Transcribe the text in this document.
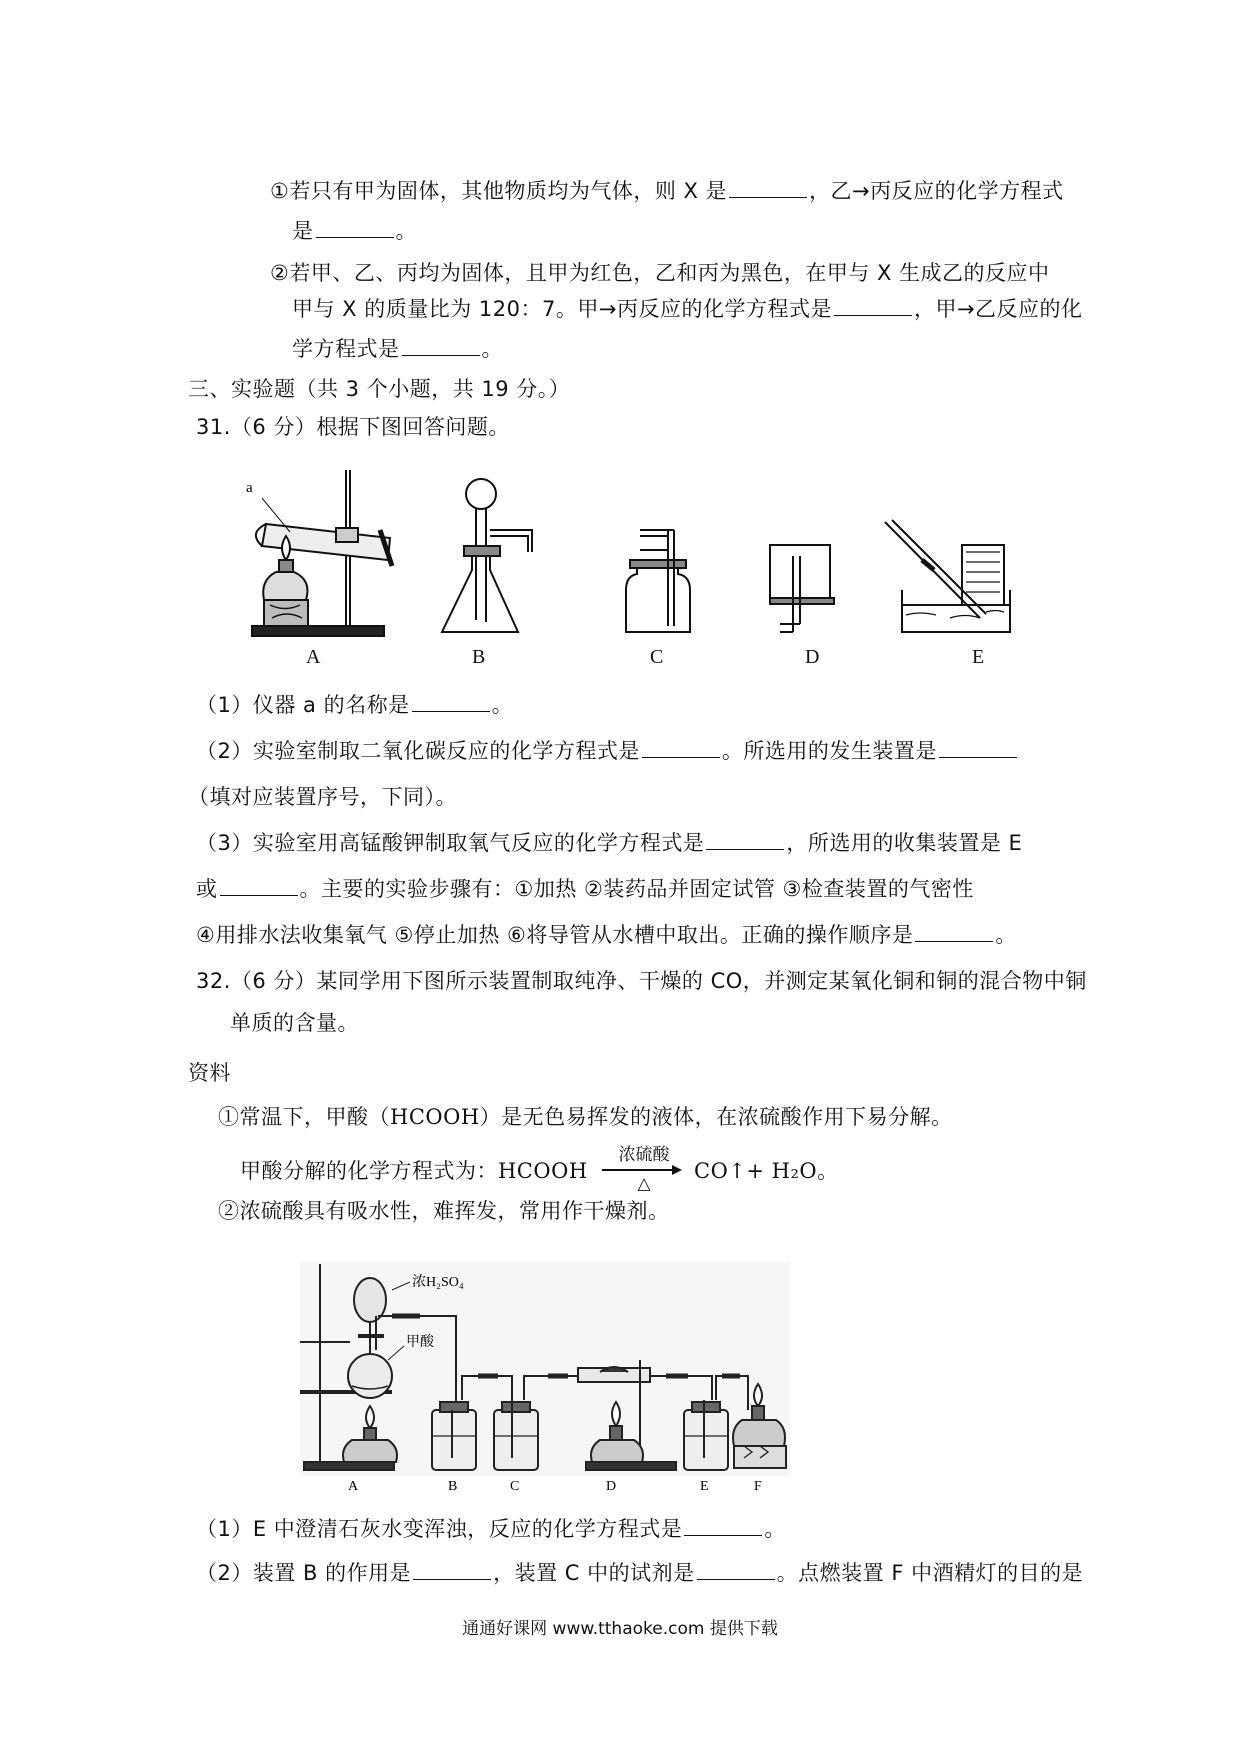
①若只有甲为固体，其他物质均为气体，则 X 是	，乙→丙反应的化学方程式
是	。
②若甲、乙、丙均为固体，且甲为红色，乙和丙为黑色，在甲与 X 生成乙的反应中
甲与 X 的质量比为 120：7。甲→丙反应的化学方程式是	，甲→乙反应的化
学方程式是	。
三、实验题（共 3 个小题，共 19 分。）
31.（6 分）根据下图回答问题。
a
A	B	C	D	E
（1）仪器 a 的名称是	。
（2）实验室制取二氧化碳反应的化学方程式是	。所选用的发生装置是
（填对应装置序号，下同）。
（3）实验室用高锰酸钾制取氧气反应的化学方程式是	，所选用的收集装置是 E
或	。主要的实验步骤有：①加热 ②装药品并固定试管 ③检查装置的气密性
④用排水法收集氧气 ⑤停止加热 ⑥将导管从水槽中取出。正确的操作顺序是	。
32.（6 分）某同学用下图所示装置制取纯净、干燥的 CO，并测定某氧化铜和铜的混合物中铜
单质的含量。
资料
①常温下，甲酸（HCOOH）是无色易挥发的液体，在浓硫酸作用下易分解。
甲酸分解的化学方程式为：HCOOH
浓硫酸
△
CO↑+ H₂O。
②浓硫酸具有吸水性，难挥发，常用作干燥剂。
浓H₂SO₄
甲酸
A	B	C	D	E	F
（1）E 中澄清石灰水变浑浊，反应的化学方程式是	。
（2）装置 B 的作用是	，装置 C 中的试剂是	。点燃装置 F 中酒精灯的目的是
通通好课网 www.tthaoke.com 提供下载
